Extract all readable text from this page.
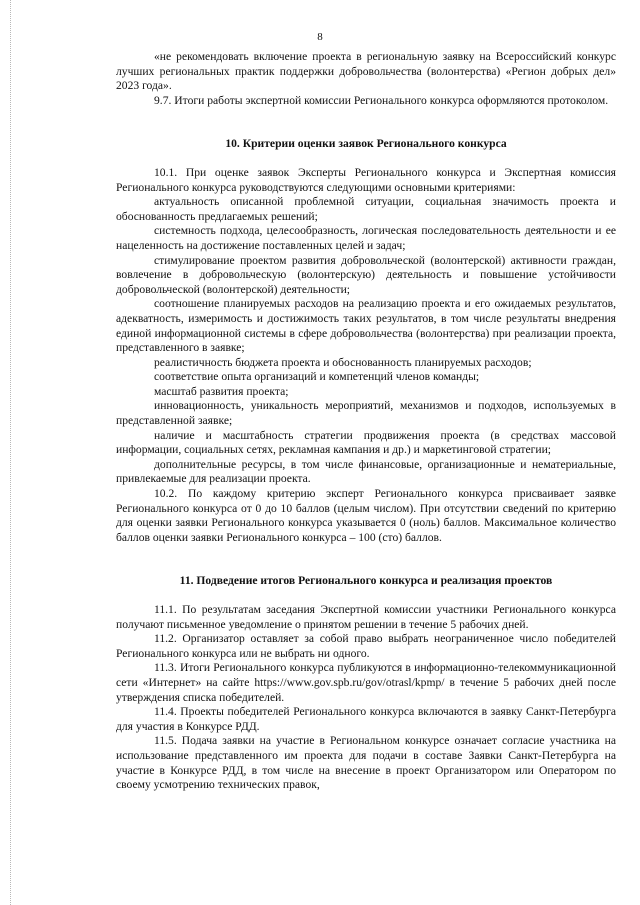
8

«не рекомендовать включение проекта в региональную заявку на Всероссийский конкурс лучших региональных практик поддержки добровольчества (волонтерства) «Регион добрых дел» 2023 года».

9.7. Итоги работы экспертной комиссии Регионального конкурса оформляются протоколом.

10. Критерии оценки заявок Регионального конкурса

10.1. При оценке заявок Эксперты Регионального конкурса и Экспертная комиссия Регионального конкурса руководствуются следующими основными критериями:

актуальность описанной проблемной ситуации, социальная значимость проекта и обоснованность предлагаемых решений;

системность подхода, целесообразность, логическая последовательность деятельности и ее нацеленность на достижение поставленных целей и задач;

стимулирование проектом развития добровольческой (волонтерской) активности граждан, вовлечение в добровольческую (волонтерскую) деятельность и повышение устойчивости добровольческой (волонтерской) деятельности;

соотношение планируемых расходов на реализацию проекта и его ожидаемых результатов, адекватность, измеримость и достижимость таких результатов, в том числе результаты внедрения единой информационной системы в сфере добровольчества (волонтерства) при реализации проекта, представленного в заявке;

реалистичность бюджета проекта и обоснованность планируемых расходов;

соответствие опыта организаций и компетенций членов команды;

масштаб развития проекта;

инновационность, уникальность мероприятий, механизмов и подходов, используемых в представленной заявке;

наличие и масштабность стратегии продвижения проекта (в средствах массовой информации, социальных сетях, рекламная кампания и др.) и маркетинговой стратегии;

дополнительные ресурсы, в том числе финансовые, организационные и нематериальные, привлекаемые для реализации проекта.

10.2. По каждому критерию эксперт Регионального конкурса присваивает заявке Регионального конкурса от 0 до 10 баллов (целым числом). При отсутствии сведений по критерию для оценки заявки Регионального конкурса указывается 0 (ноль) баллов. Максимальное количество баллов оценки заявки Регионального конкурса – 100 (сто) баллов.

11. Подведение итогов Регионального конкурса и реализация проектов

11.1. По результатам заседания Экспертной комиссии участники Регионального конкурса получают письменное уведомление о принятом решении в течение 5 рабочих дней.

11.2. Организатор оставляет за собой право выбрать неограниченное число победителей Регионального конкурса или не выбрать ни одного.

11.3. Итоги Регионального конкурса публикуются в информационно-телекоммуникационной сети «Интернет» на сайте https://www.gov.spb.ru/gov/otrasl/kpmp/ в течение 5 рабочих дней после утверждения списка победителей.

11.4. Проекты победителей Регионального конкурса включаются в заявку Санкт-Петербурга для участия в Конкурсе РДД.

11.5. Подача заявки на участие в Региональном конкурсе означает согласие участника на использование представленного им проекта для подачи в составе Заявки Санкт-Петербурга на участие в Конкурсе РДД, в том числе на внесение в проект Организатором или Оператором по своему усмотрению технических правок,
